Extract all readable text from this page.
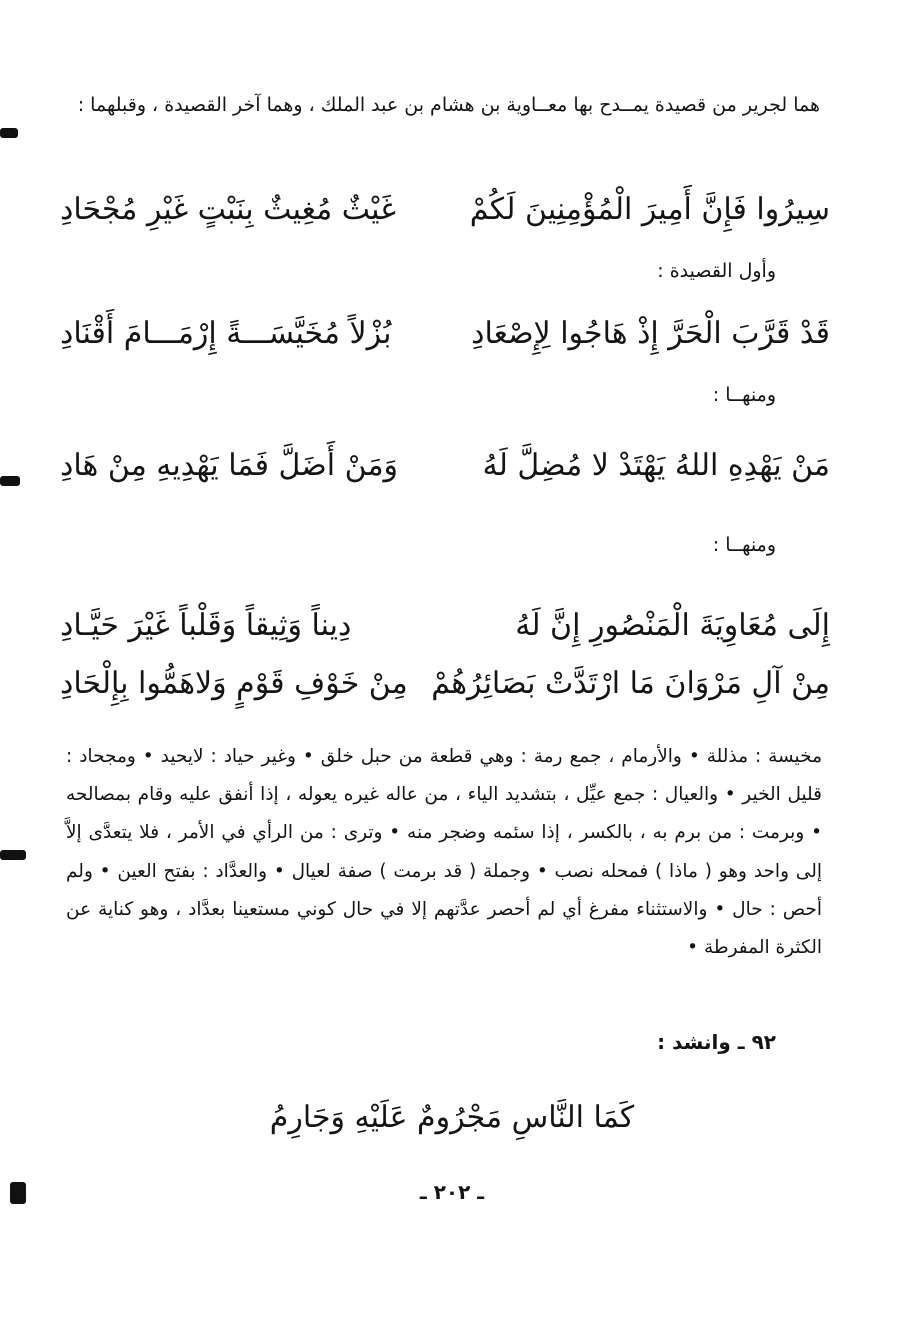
هما لجرير من قصيدة يمــدح بها معــاوية بن هشام بن عبد الملك ، وهما آخر القصيدة ، وقبلهما :

سِيرُوا فَإِنَّ أَمِيرَ الْمُؤْمِنِينَ لَكُمْ
غَيْثٌ مُغِيثٌ بِنَبْتٍ غَيْرِ مُجْحَادِ
وأول القصيدة :
قَدْ قَرَّبَ الْحَرَّ إِذْ هَاجُوا لِإِصْعَادِ
بُزْلاً مُخَيَّسَـــةً إِرْمَـــامَ أَقْنَادِ
ومنهــا :
مَنْ يَهْدِهِ اللهُ يَهْتَدْ لا مُضِلَّ لَهُ
وَمَنْ أَضَلَّ فَمَا يَهْدِيهِ مِنْ هَادِ
ومنهــا :
إِلَى مُعَاوِيَةَ الْمَنْصُورِ إِنَّ لَهُ
دِيناً وَثِيقاً وَقَلْباً غَيْرَ حَيَّـادِ
مِنْ آلِ مَرْوَانَ مَا ارْتَدَّتْ بَصَائِرُهُمْ
مِنْ خَوْفِ قَوْمٍ وَلاهَمُّوا بِإِلْحَادِ

مخيسة : مذللة • والأرمام ، جمع رمة : وهي قطعة من حبل خلق • وغير حياد : لايحيد • ومجحاد : قليل الخير • والعيال : جمع عيِّل ، بتشديد الياء ، من عاله غيره يعوله ، إذا أنفق عليه وقام بمصالحه • وبرمت : من برم به ، بالكسر ، إذا سئمه وضجر منه • وترى : من الرأي في الأمر ، فلا يتعدَّى إلاَّ إلى واحد وهو ( ماذا ) فمحله نصب • وجملة ( قد برمت ) صفة لعيال • والعدَّاد : بفتح العين • ولم أحص : حال • والاستثناء مفرغ أي لم أحصر عدَّتهم إلا في حال كوني مستعينا بعدَّاد ، وهو كناية عن الكثرة المفرطة •

٩٢ ـ وانشد :
كَمَا النَّاسِ مَجْرُومٌ عَلَيْهِ وَجَارِمُ
ـ ٢٠٢ ـ
